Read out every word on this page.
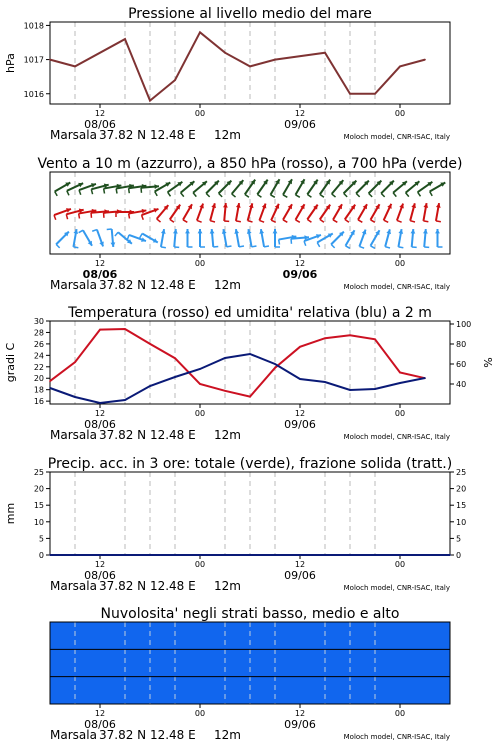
Pressione al livello medio del mare
12	00	12	00
08/06	09/06
Marsala 37.82 N 12.48 E 12m	Moloch model, CNR-ISAC, Italy
1016
1017
1018
hPa
Vento a 10 m (azzurro), a 850 hPa (rosso), a 700 hPa (verde)
12	00	12	00
08/06	09/06
Marsala 37.82 N 12.48 E 12m	Moloch model, CNR-ISAC, Italy
Temperatura (rosso) ed umidita' relativa (blu) a 2 m
12	00	12	00
08/06	09/06
Marsala 37.82 N 12.48 E 12m	Moloch model, CNR-ISAC, Italy
16
18
20
22
24
26
28
30
40
60
80
100
gradi C	%
Precip. acc. in 3 ore: totale (verde), frazione solida (tratt.)
12	00	12	00
08/06	09/06
Marsala 37.82 N 12.48 E 12m	Moloch model, CNR-ISAC, Italy
0
5
10
15
20
25
0
5
10
15
20
25
mm
Nuvolosita' negli strati basso, medio e alto
12	00	12	00
08/06	09/06
Marsala 37.82 N 12.48 E 12m	Moloch model, CNR-ISAC, Italy
